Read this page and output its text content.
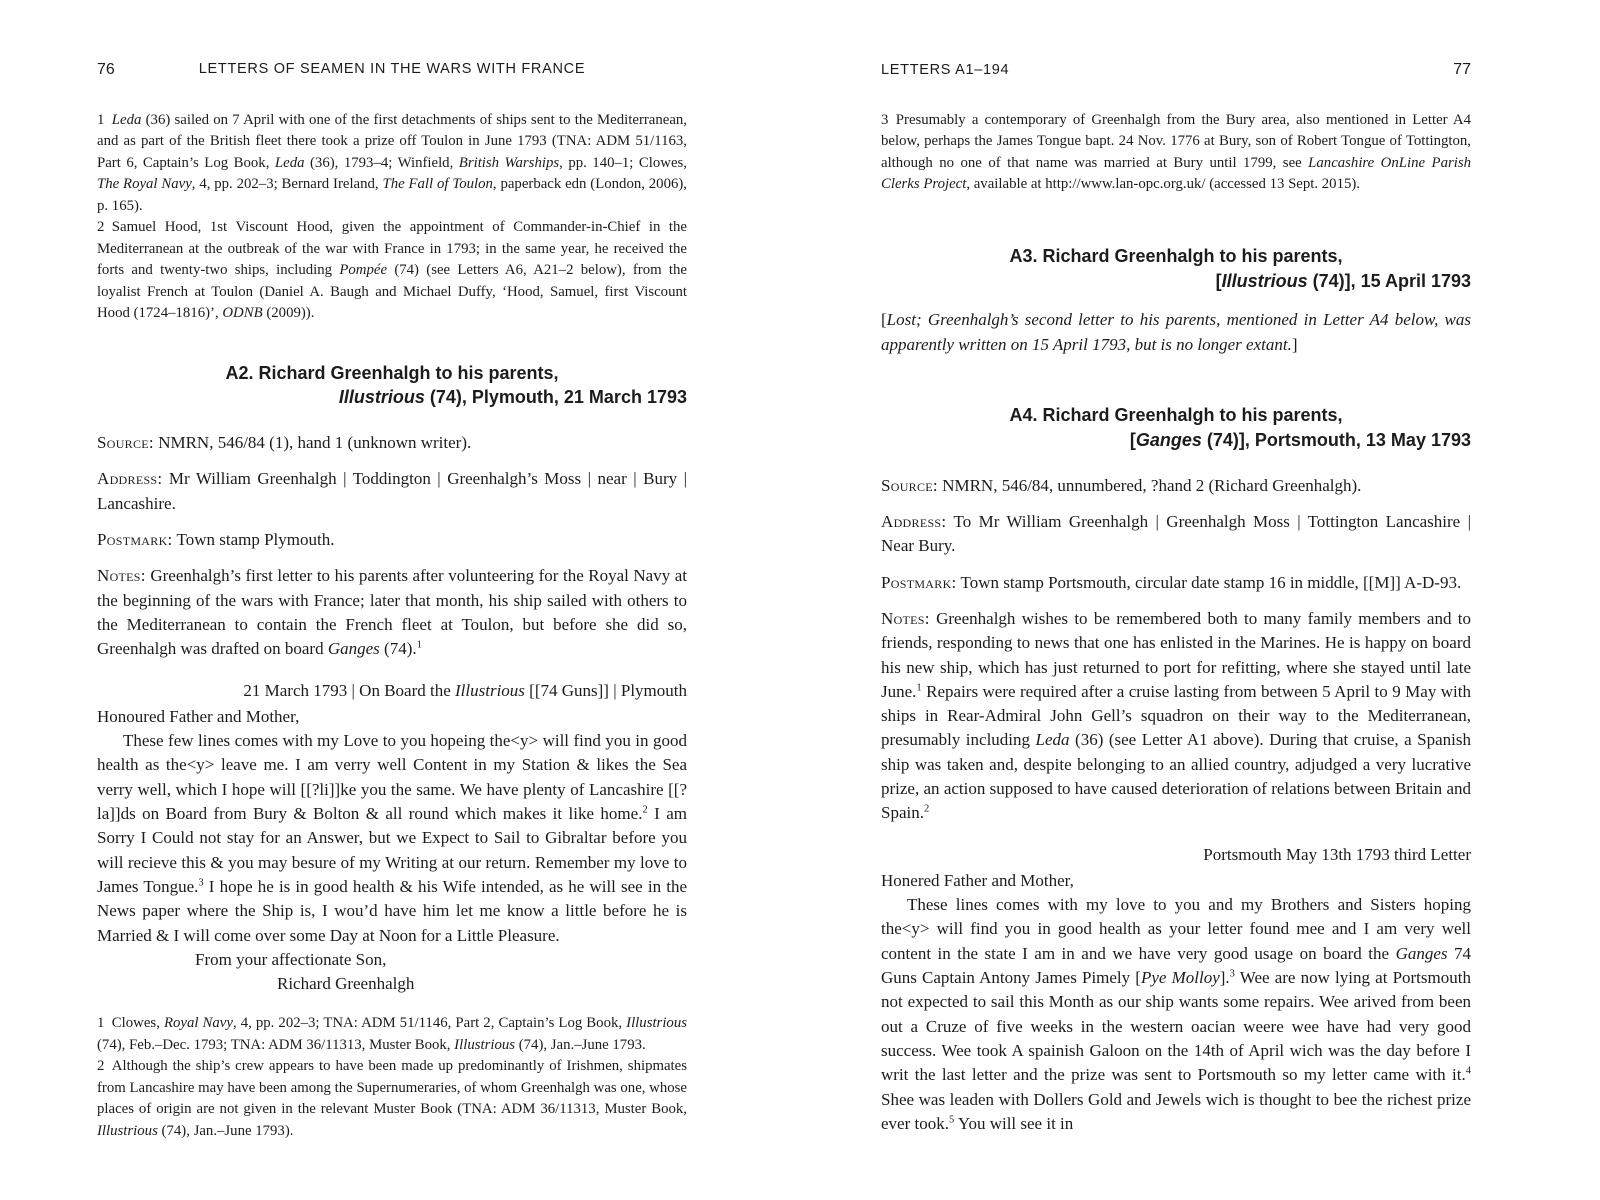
76	LETTERS OF SEAMEN IN THE WARS WITH FRANCE

1 Leda (36) sailed on 7 April with one of the first detachments of ships sent to the Mediterranean, and as part of the British fleet there took a prize off Toulon in June 1793 (TNA: ADM 51/1163, Part 6, Captain’s Log Book, Leda (36), 1793–4; Winfield, British Warships, pp. 140–1; Clowes, The Royal Navy, 4, pp. 202–3; Bernard Ireland, The Fall of Toulon, paperback edn (London, 2006), p. 165).

2 Samuel Hood, 1st Viscount Hood, given the appointment of Commander-in-Chief in the Mediterranean at the outbreak of the war with France in 1793; in the same year, he received the forts and twenty-two ships, including Pompée (74) (see Letters A6, A21–2 below), from the loyalist French at Toulon (Daniel A. Baugh and Michael Duffy, ‘Hood, Samuel, first Viscount Hood (1724–1816)’, ODNB (2009)).

A2. Richard Greenhalgh to his parents,
Illustrious (74), Plymouth, 21 March 1793

Source: NMRN, 546/84 (1), hand 1 (unknown writer).

Address: Mr William Greenhalgh | Toddington | Greenhalgh’s Moss | near | Bury | Lancashire.

Postmark: Town stamp Plymouth.

Notes: Greenhalgh’s first letter to his parents after volunteering for the Royal Navy at the beginning of the wars with France; later that month, his ship sailed with others to the Mediterranean to contain the French fleet at Toulon, but before she did so, Greenhalgh was drafted on board Ganges (74).$^1$

21 March 1793 | On Board the Illustrious [[74 Guns]] | Plymouth

Honoured Father and Mother,

These few lines comes with my Love to you hopeing the<y> will find you in good health as the<y> leave me. I am verry well Content in my Station & likes the Sea verry well, which I hope will [[?li]]ke you the same. We have plenty of Lancashire [[?la]]ds on Board from Bury & Bolton & all round which makes it like home.$^2$ I am Sorry I Could not stay for an Answer, but we Expect to Sail to Gibraltar before you will recieve this & you may besure of my Writing at our return. Remember my love to James Tongue.$^3$ I hope he is in good health & his Wife intended, as he will see in the News paper where the Ship is, I wou’d have him let me know a little before he is Married & I will come over some Day at Noon for a Little Pleasure.

From your affectionate Son,

Richard Greenhalgh

1 Clowes, Royal Navy, 4, pp. 202–3; TNA: ADM 51/1146, Part 2, Captain’s Log Book, Illustrious (74), Feb.–Dec. 1793; TNA: ADM 36/11313, Muster Book, Illustrious (74), Jan.–June 1793.

2 Although the ship’s crew appears to have been made up predominantly of Irishmen, shipmates from Lancashire may have been among the Supernumeraries, of whom Greenhalgh was one, whose places of origin are not given in the relevant Muster Book (TNA: ADM 36/11313, Muster Book, Illustrious (74), Jan.–June 1793).

LETTERS A1–194	77

3 Presumably a contemporary of Greenhalgh from the Bury area, also mentioned in Letter A4 below, perhaps the James Tongue bapt. 24 Nov. 1776 at Bury, son of Robert Tongue of Tottington, although no one of that name was married at Bury until 1799, see Lancashire OnLine Parish Clerks Project, available at http://www.lan-opc.org.uk/ (accessed 13 Sept. 2015).

A3. Richard Greenhalgh to his parents,
[Illustrious (74)], 15 April 1793

[Lost; Greenhalgh’s second letter to his parents, mentioned in Letter A4 below, was apparently written on 15 April 1793, but is no longer extant.]

A4. Richard Greenhalgh to his parents,
[Ganges (74)], Portsmouth, 13 May 1793

Source: NMRN, 546/84, unnumbered, ?hand 2 (Richard Greenhalgh).

Address: To Mr William Greenhalgh | Greenhalgh Moss | Tottington Lancashire | Near Bury.

Postmark: Town stamp Portsmouth, circular date stamp 16 in middle, [[M]] A-D-93.

Notes: Greenhalgh wishes to be remembered both to many family members and to friends, responding to news that one has enlisted in the Marines. He is happy on board his new ship, which has just returned to port for refitting, where she stayed until late June.$^1$ Repairs were required after a cruise lasting from between 5 April to 9 May with ships in Rear-Admiral John Gell’s squadron on their way to the Mediterranean, presumably including Leda (36) (see Letter A1 above). During that cruise, a Spanish ship was taken and, despite belonging to an allied country, adjudged a very lucrative prize, an action supposed to have caused deterioration of relations between Britain and Spain.$^2$

Portsmouth May 13th 1793 third Letter

Honered Father and Mother,

These lines comes with my love to you and my Brothers and Sisters hoping the<y> will find you in good health as your letter found mee and I am very well content in the state I am in and we have very good usage on board the Ganges 74 Guns Captain Antony James Pimely [Pye Molloy].$^3$ Wee are now lying at Portsmouth not expected to sail this Month as our ship wants some repairs. Wee arived from been out a Cruze of five weeks in the western oacian weere wee have had very good success. Wee took A spainish Galoon on the 14th of April wich was the day before I writ the last letter and the prize was sent to Portsmouth so my letter came with it.$^4$ Shee was leaden with Dollers Gold and Jewels wich is thought to bee the richest prize ever took.$^5$ You will see it in
